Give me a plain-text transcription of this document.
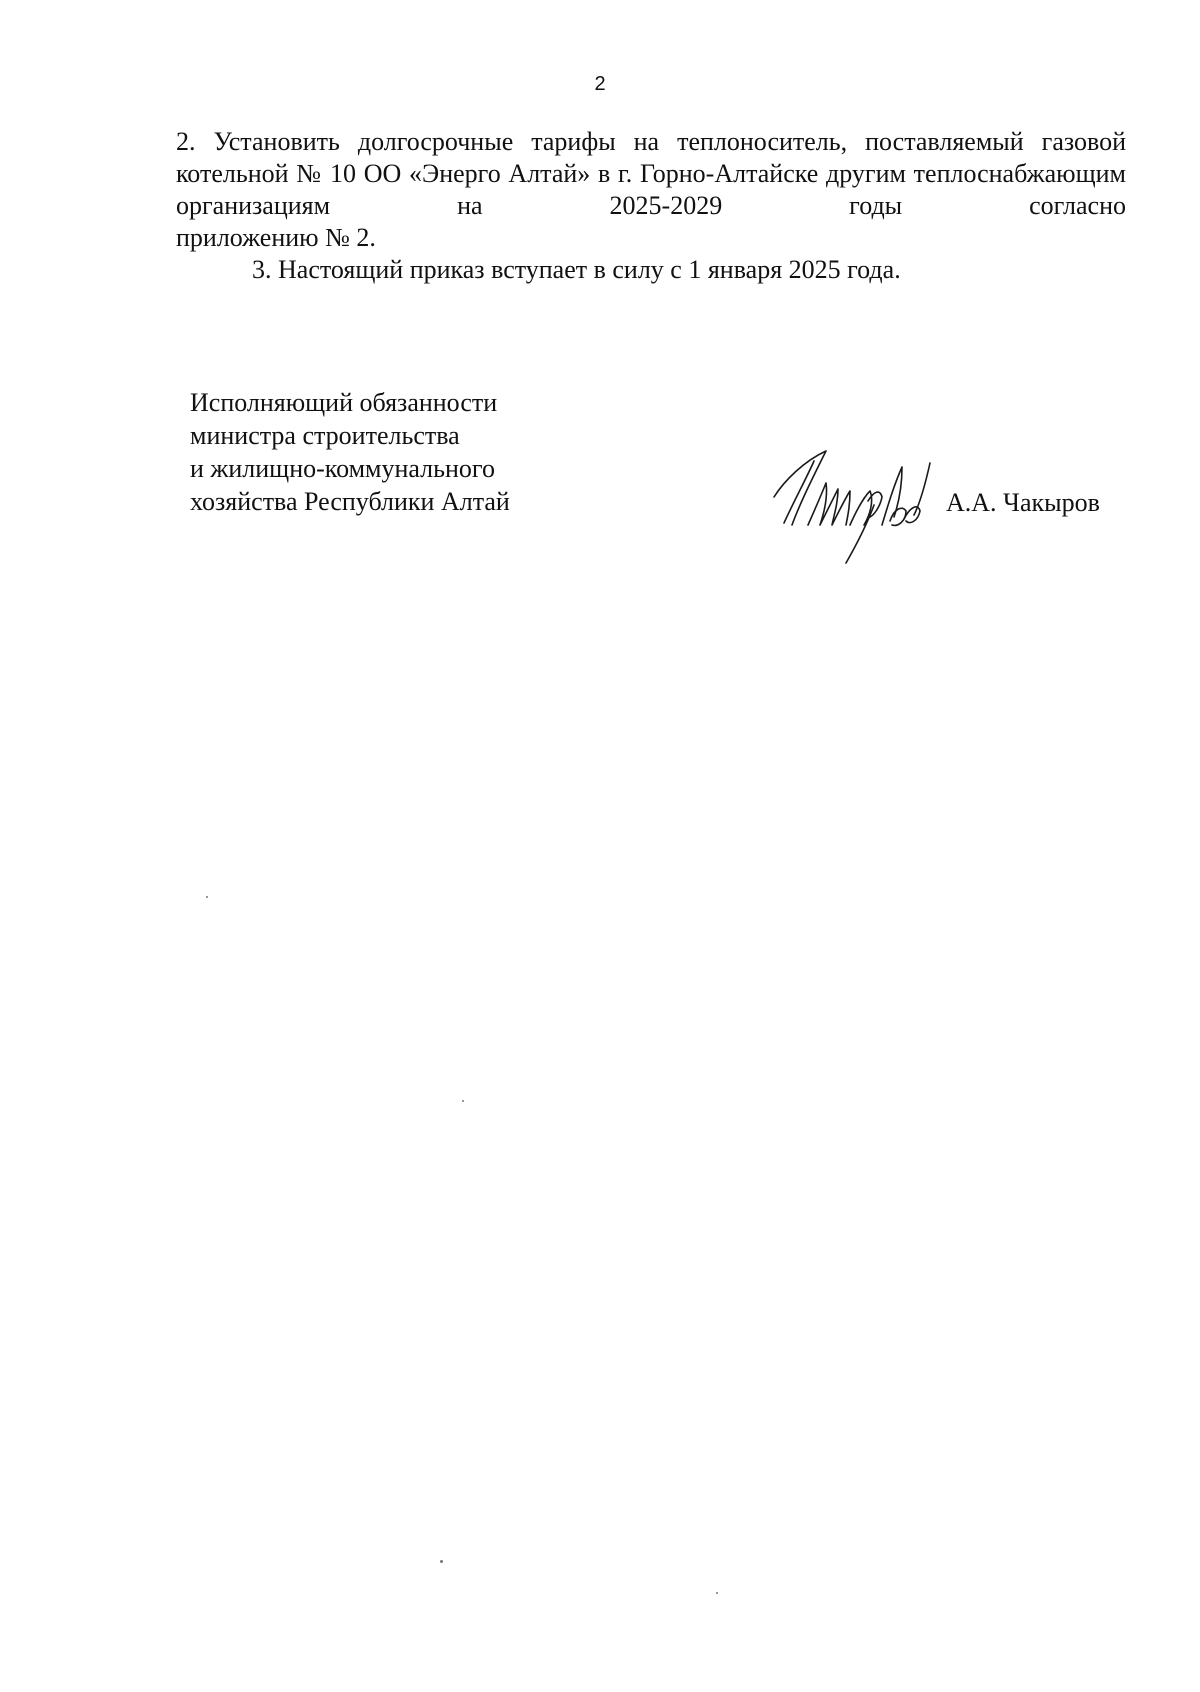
2

2. Установить долгосрочные тарифы на теплоноситель, поставляемый газовой котельной № 10 ОО «Энерго Алтай» в г. Горно-Алтайске другим теплоснабжающим организациям на 2025-2029 годы согласно

приложению № 2.

3. Настоящий приказ вступает в силу с 1 января 2025 года.

Исполняющий обязанности
министра строительства
и жилищно-коммунального
хозяйства Республики Алтай	А.А. Чакыров
